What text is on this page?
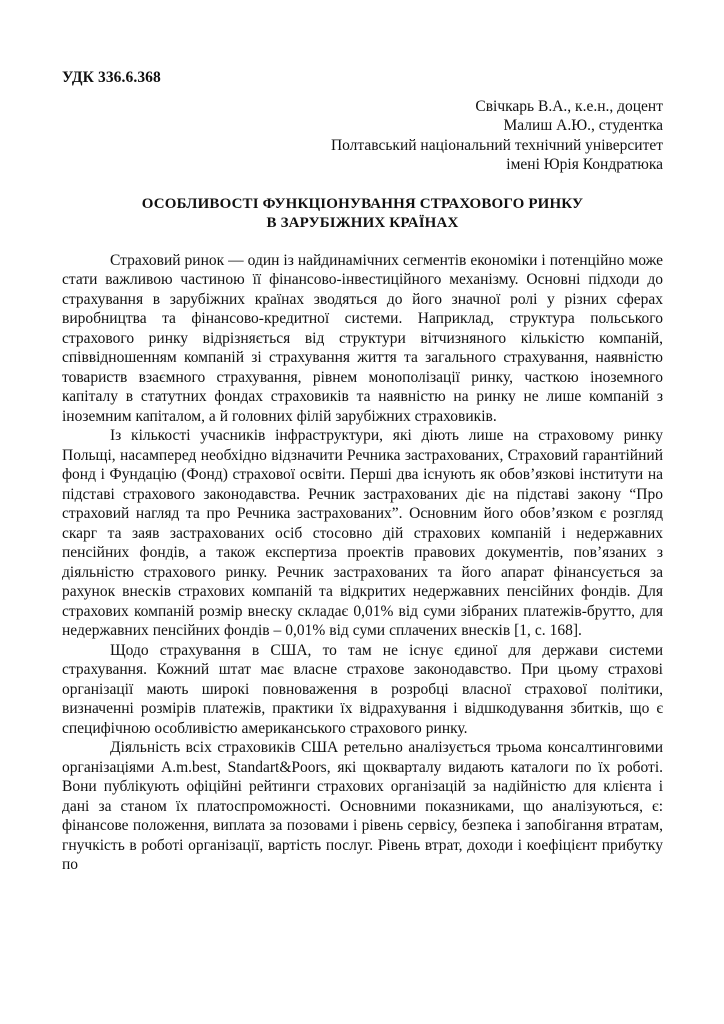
УДК 336.6.368
Свічкарь В.А., к.е.н., доцент
Малиш А.Ю., студентка
Полтавський національний технічний університет
імені Юрія Кондратюка
ОСОБЛИВОСТІ ФУНКЦІОНУВАННЯ СТРАХОВОГО РИНКУ
В ЗАРУБІЖНИХ КРАЇНАХ

Страховий ринок — один із найдинамічних сегментів економіки і потенційно може стати важливою частиною її фінансово-інвестиційного механізму. Основні підходи до страхування в зарубіжних країнах зводяться до його значної ролі у різних сферах виробництва та фінансово-кредитної системи. Наприклад, структура польського страхового ринку відрізняється від структури вітчизняного кількістю компаній, співвідношенням компаній зі страхування життя та загального страхування, наявністю товариств взаємного страхування, рівнем монополізації ринку, часткою іноземного капіталу в статутних фондах страховиків та наявністю на ринку не лише компаній з іноземним капіталом, а й головних філій зарубіжних страховиків.

Із кількості учасників інфраструктури, які діють лише на страховому ринку Польщі, насамперед необхідно відзначити Речника застрахованих, Страховий гарантійний фонд і Фундацію (Фонд) страхової освіти. Перші два існують як обов’язкові інститути на підставі страхового законодавства. Речник застрахованих діє на підставі закону “Про страховий нагляд та про Речника застрахованих”. Основним його обов’язком є розгляд скарг та заяв застрахованих осіб стосовно дій страхових компаній і недержавних пенсійних фондів, а також експертиза проектів правових документів, пов’язаних з діяльністю страхового ринку. Речник застрахованих та його апарат фінансується за рахунок внесків страхових компаній та відкритих недержавних пенсійних фондів. Для страхових компаній розмір внеску складає 0,01% від суми зібраних платежів-брутто, для недержавних пенсійних фондів – 0,01% від суми сплачених внесків [1, с. 168].

Щодо страхування в США, то там не існує єдиної для держави системи страхування. Кожний штат має власне страхове законодавство. При цьому страхові організації мають широкі повноваження в розробці власної страхової політики, визначенні розмірів платежів, практики їх відрахування і відшкодування збитків, що є специфічною особливістю американського страхового ринку.

Діяльність всіх страховиків США ретельно аналізується трьома консалтинговими організаціями A.m.best, Standart&Poors, які щокварталу видають каталоги по їх роботі. Вони публікують офіційні рейтинги страхових організацій за надійністю для клієнта і дані за станом їх платоспроможності. Основними показниками, що аналізуються, є: фінансове положення, виплата за позовами і рівень сервісу, безпека і запобігання втратам, гнучкість в роботі організації, вартість послуг. Рівень втрат, доходи і коефіцієнт прибутку по
